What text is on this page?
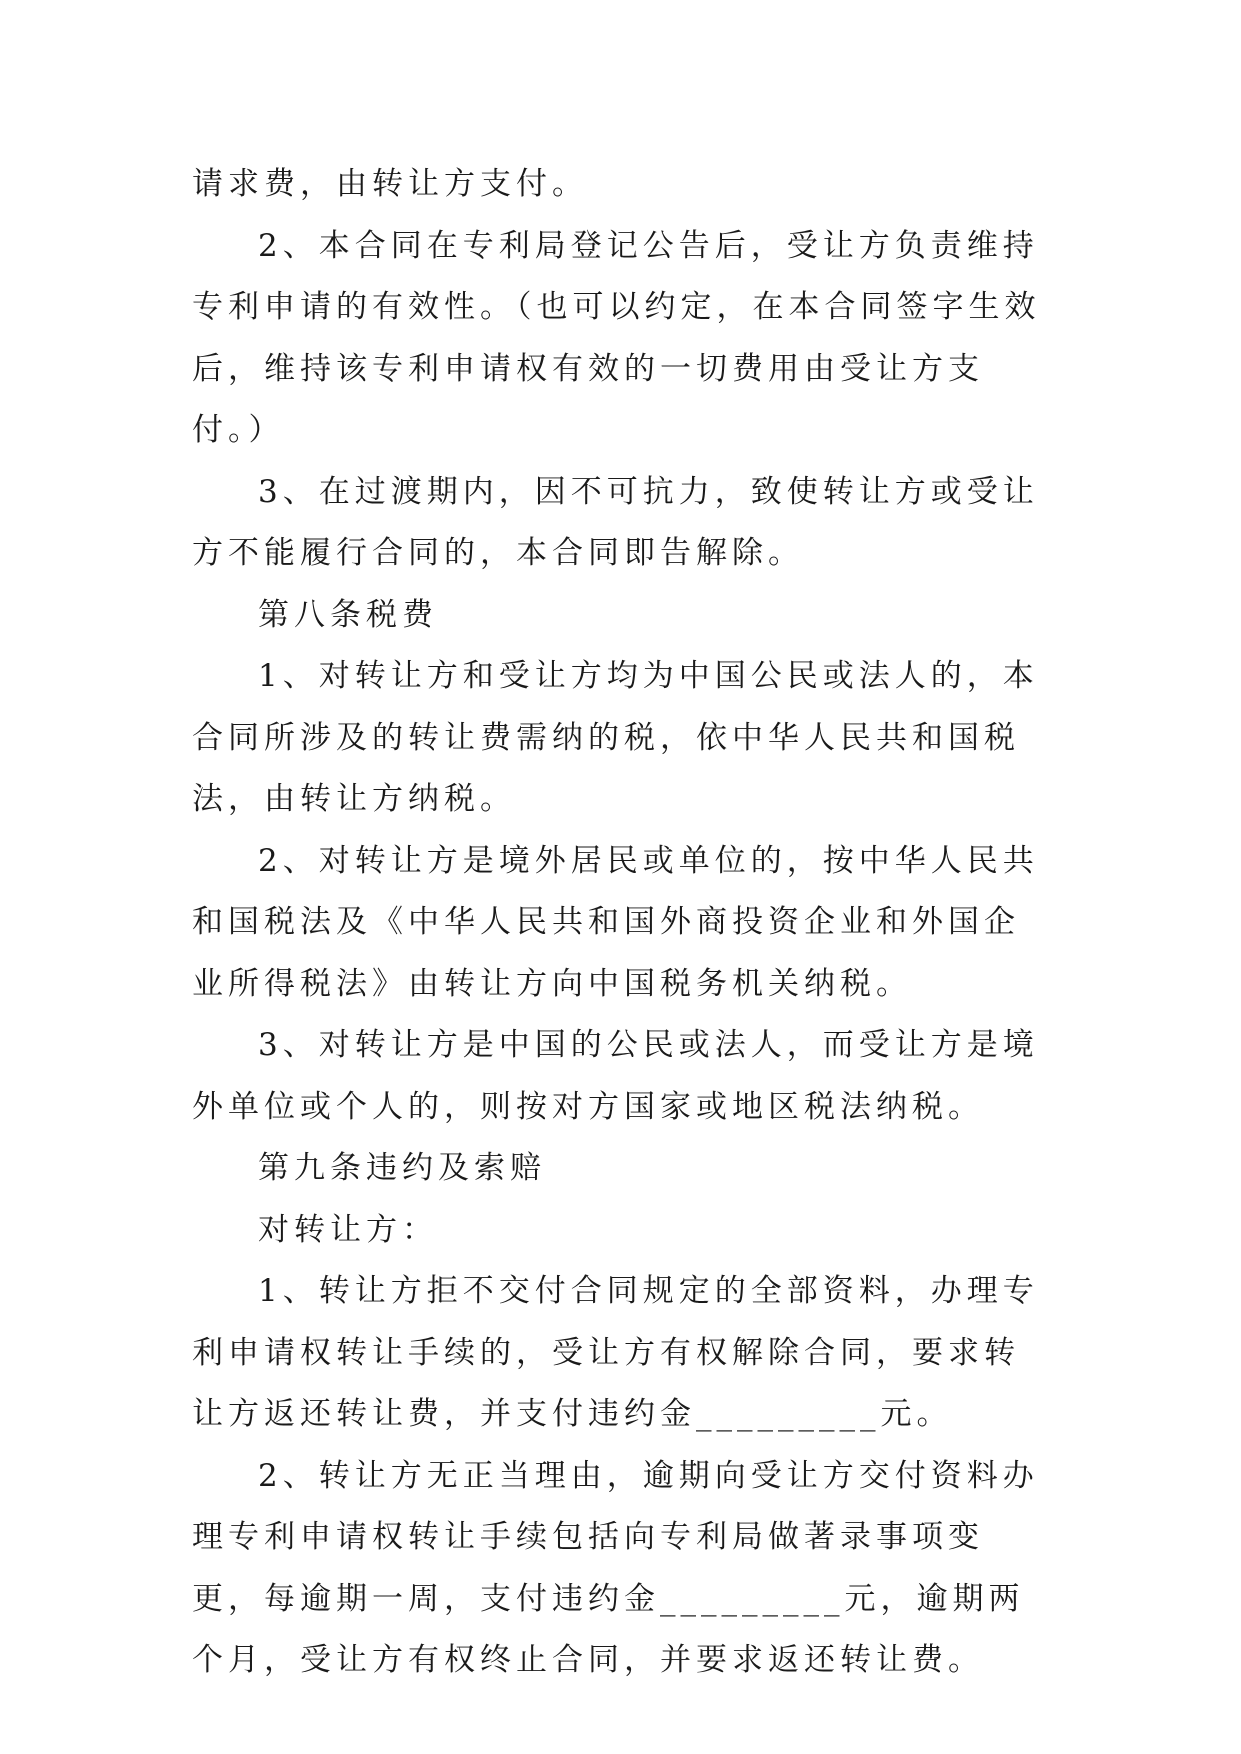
请求费，由转让方支付。

2、本合同在专利局登记公告后，受让方负责维持专利申请的有效性。（也可以约定，在本合同签字生效后，维持该专利申请权有效的一切费用由受让方支付。）

3、在过渡期内，因不可抗力，致使转让方或受让方不能履行合同的，本合同即告解除。

第八条税费

1、对转让方和受让方均为中国公民或法人的，本合同所涉及的转让费需纳的税，依中华人民共和国税法，由转让方纳税。

2、对转让方是境外居民或单位的，按中华人民共和国税法及《中华人民共和国外商投资企业和外国企业所得税法》由转让方向中国税务机关纳税。

3、对转让方是中国的公民或法人，而受让方是境外单位或个人的，则按对方国家或地区税法纳税。

第九条违约及索赔

对转让方：

1、转让方拒不交付合同规定的全部资料，办理专利申请权转让手续的，受让方有权解除合同，要求转让方返还转让费，并支付违约金_________元。

2、转让方无正当理由，逾期向受让方交付资料办理专利申请权转让手续包括向专利局做著录事项变更，每逾期一周，支付违约金_________元，逾期两个月，受让方有权终止合同，并要求返还转让费。
